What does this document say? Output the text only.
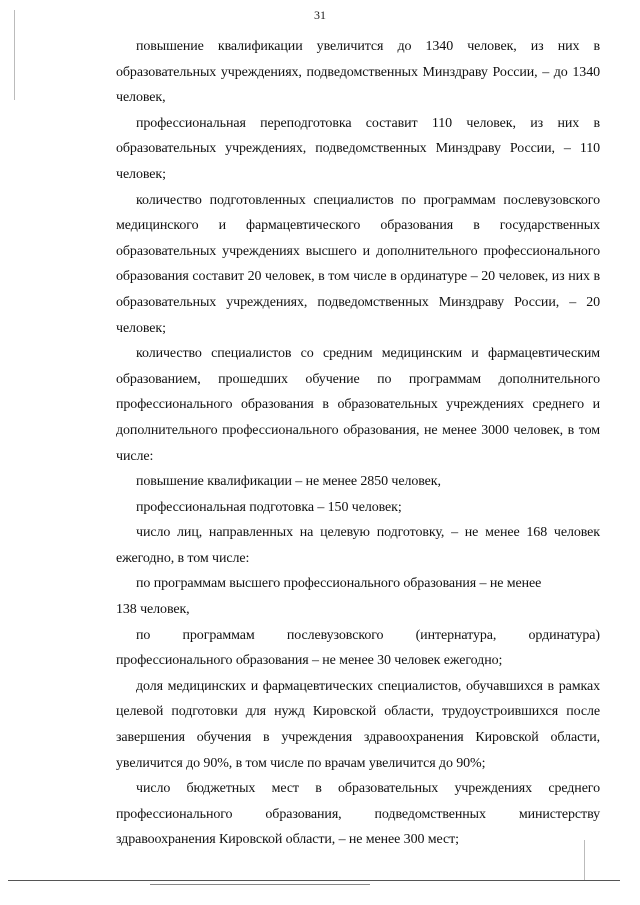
31

повышение квалификации увеличится до 1340 человек, из них в образовательных учреждениях, подведомственных Минздраву России, – до 1340 человек,

профессиональная переподготовка составит 110 человек, из них в образовательных учреждениях, подведомственных Минздраву России, – 110 человек;

количество подготовленных специалистов по программам послевузовского медицинского и фармацевтического образования в государственных образовательных учреждениях высшего и дополнительного профессионального образования составит 20 человек, в том числе в ординатуре – 20 человек, из них в образовательных учреждениях, подведомственных Минздраву России, – 20 человек;

количество специалистов со средним медицинским и фармацевтическим образованием, прошедших обучение по программам дополнительного профессионального образования в образовательных учреждениях среднего и дополнительного профессионального образования, не менее 3000 человек, в том числе:

повышение квалификации – не менее 2850 человек,

профессиональная подготовка – 150 человек;

число лиц, направленных на целевую подготовку, – не менее 168 человек ежегодно, в том числе:

по программам высшего профессионального образования – не менее

138 человек,

по программам послевузовского (интернатура, ординатура) профессионального образования – не менее 30 человек ежегодно;

доля медицинских и фармацевтических специалистов, обучавшихся в рамках целевой подготовки для нужд Кировской области, трудоустроившихся после завершения обучения в учреждения здравоохранения Кировской области, увеличится до 90%, в том числе по врачам увеличится до 90%;

число бюджетных мест в образовательных учреждениях среднего профессионального образования, подведомственных министерству здравоохранения Кировской области, – не менее 300 мест;
